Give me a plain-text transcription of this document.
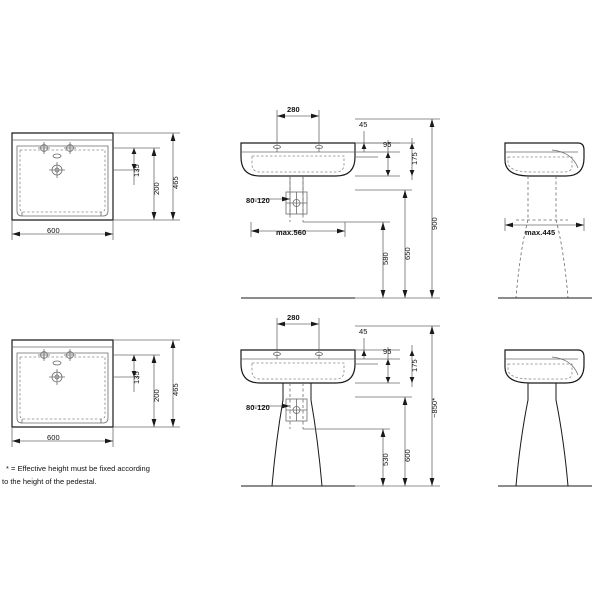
600
465
200
135
280
45
95
175
80-120
max.560
580 650
900
max.445
600
465
200
135
280
45
95
175
80-120
530 600
~850*
* = Effective height must be fixed according
to the height of the pedestal.
